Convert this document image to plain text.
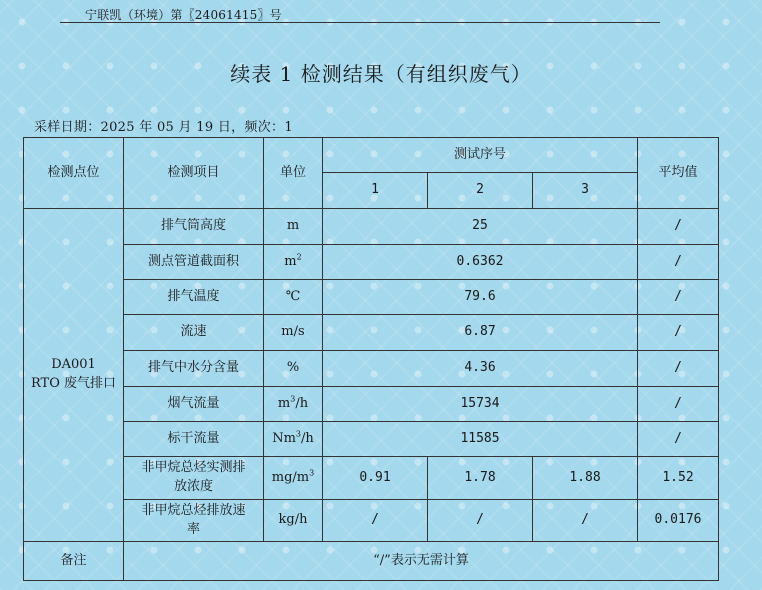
宁联凯（环境）第〖24061415〗号
续表 1 检测结果（有组织废气）
采样日期：2025 年 05 月 19 日，频次：1
检测点位	检测项目	单位	测试序号			平均值
			1	2	3	

DA001
RTO 废气排口	排气筒高度	m	25			/
	测点管道截面积	$m^2$	0.6362			/
	排气温度	℃	79.6			/
	流速	m/s	6.87			/
	排气中水分含量	%	4.36			/
	烟气流量	$m^3/h$	15734			/
	标干流量	Nm$^3$/h	11585			/

	非甲烷总烃实测排
放浓度	$mg/m^3$	0.91	1.78	1.88	1.52

	非甲烷总烃排放速
率	kg/h	/	/	/	0.0176
备注	“/”表示无需计算					
